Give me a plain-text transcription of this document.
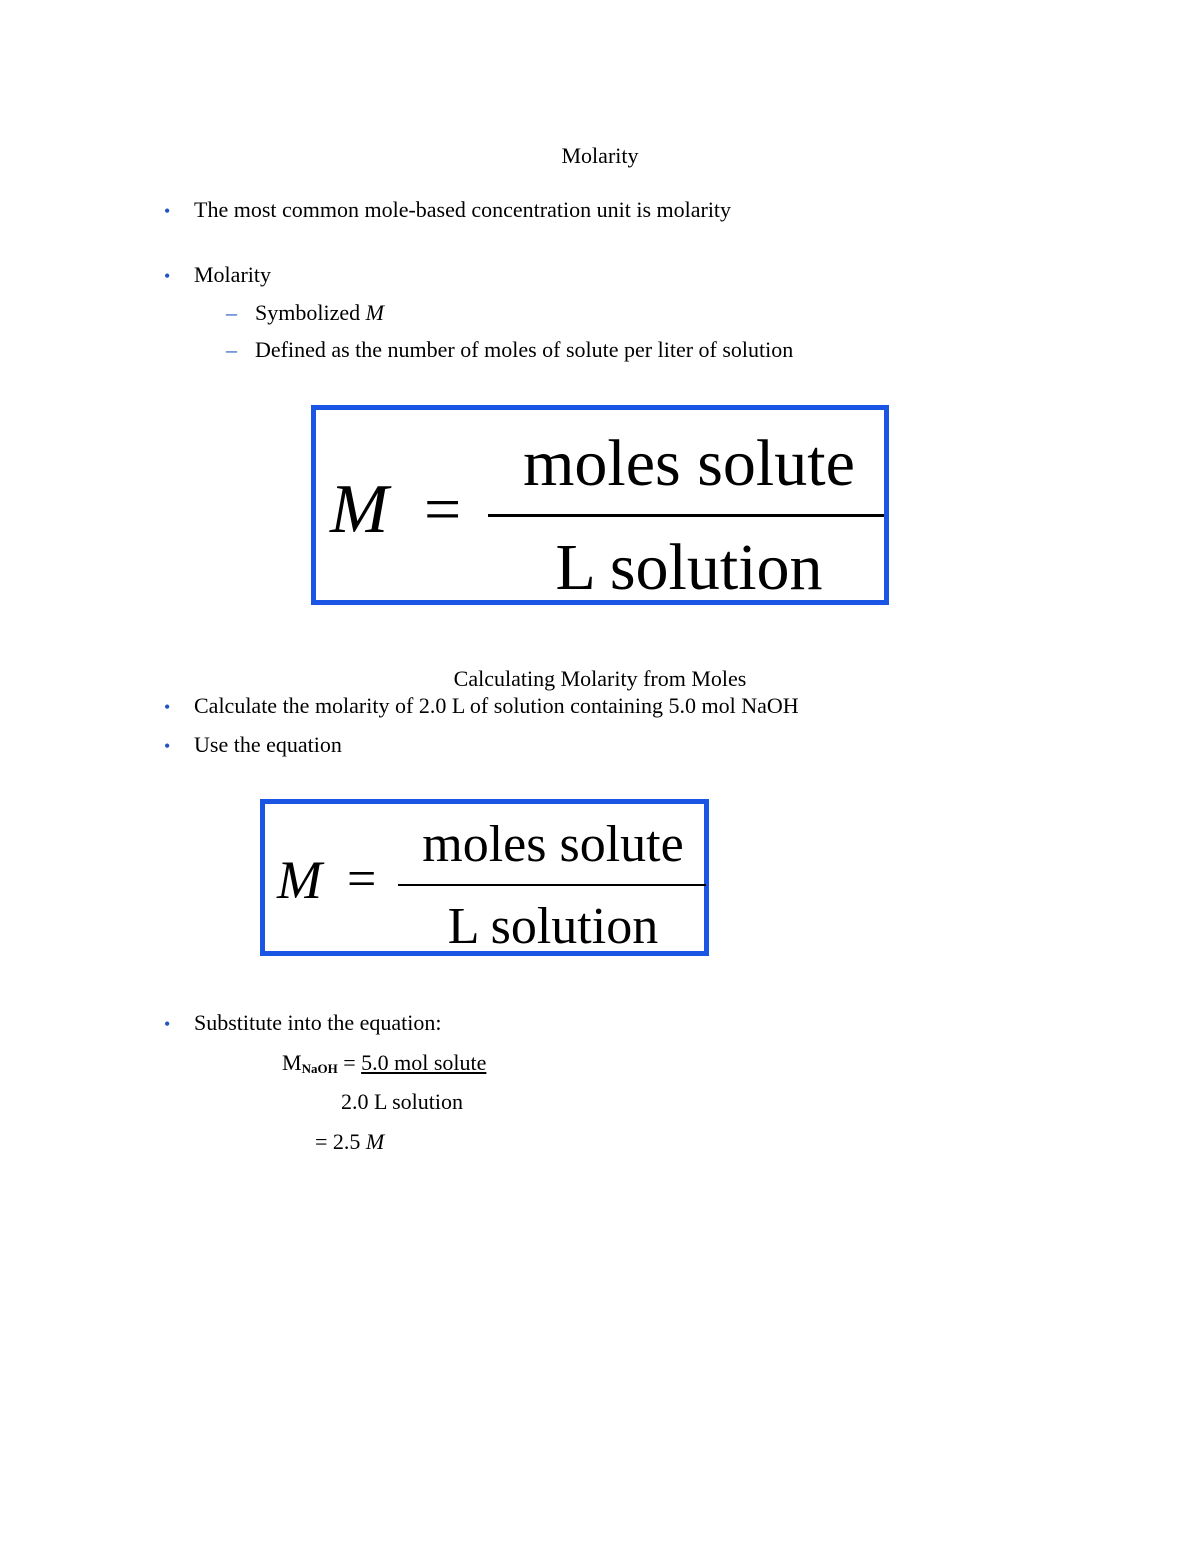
Molarity
• The most common mole-based concentration unit is molarity
• Molarity
– Symbolized M
– Defined as the number of moles of solute per liter of solution
M =
moles solute
L solution
Calculating Molarity from Moles
• Calculate the molarity of 2.0 L of solution containing 5.0 mol NaOH
• Use the equation
M =
moles solute
L solution
• Substitute into the equation:
$M_{NaOH} = 5.0$ mol solute
2.0 L solution
= 2.5 M
